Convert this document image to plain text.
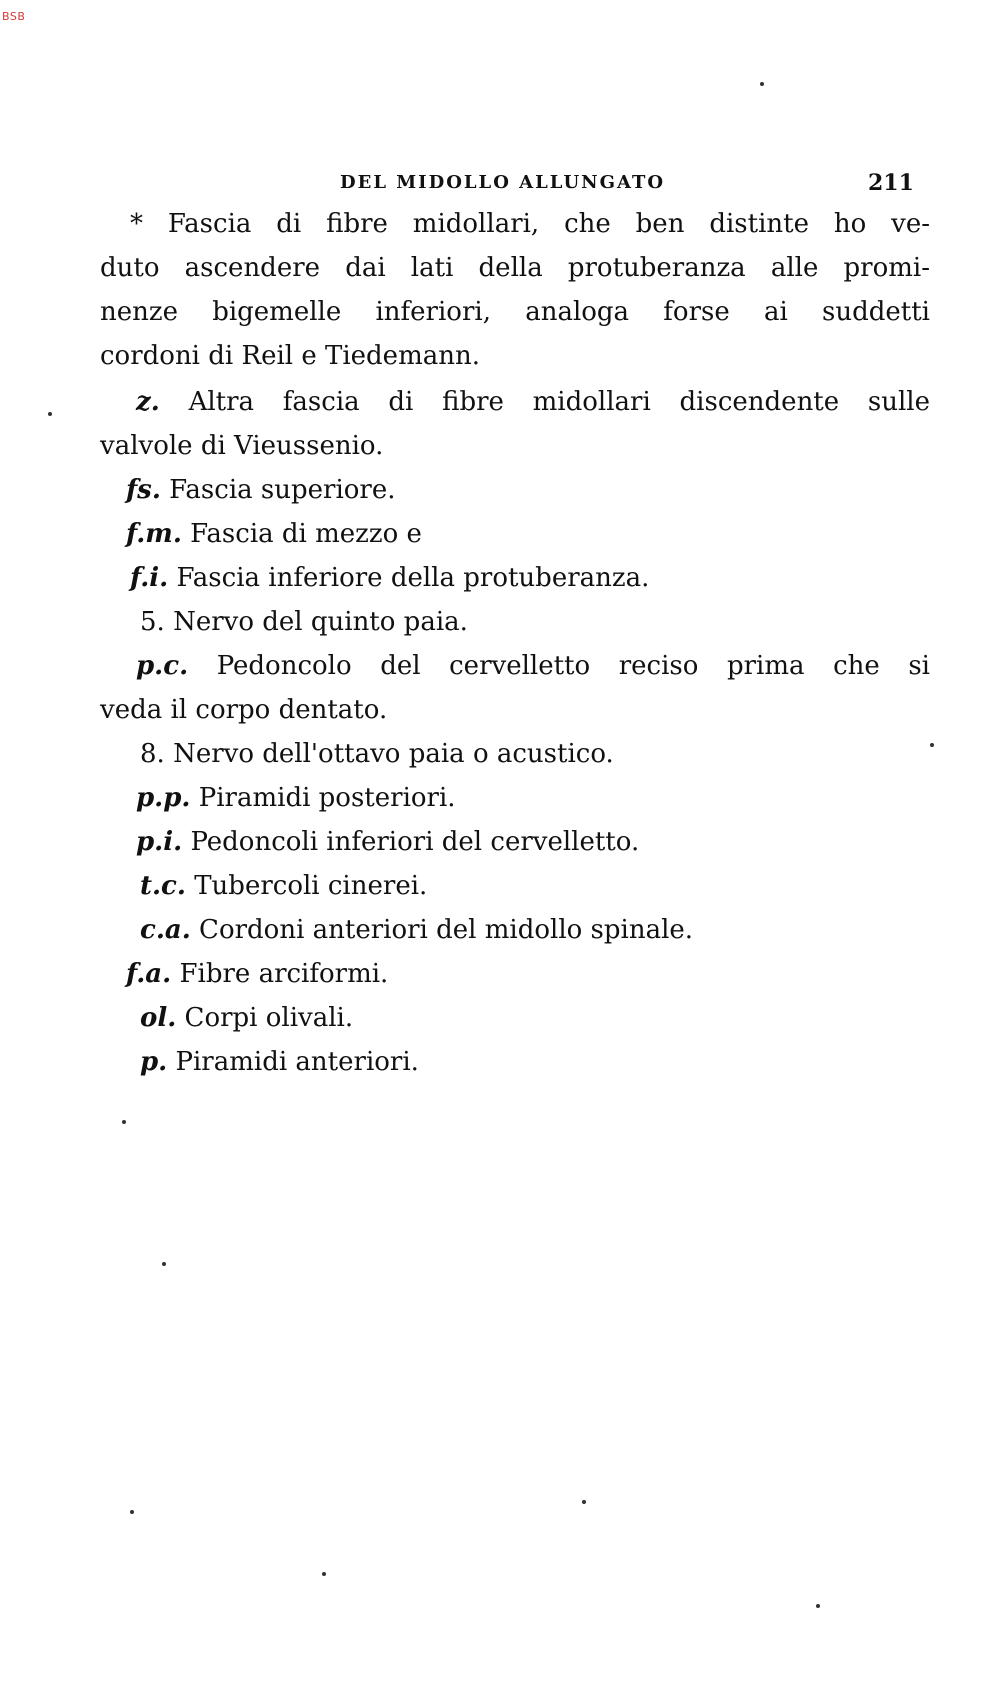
BSB
DEL MIDOLLO ALLUNGATO	211
* Fascia di fibre midollari, che ben distinte ho ve-
duto ascendere dai lati della protuberanza alle promi-
nenze bigemelle inferiori, analoga forse ai suddetti
cordoni di Reil e Tiedemann.
z. Altra fascia di fibre midollari discendente sulle
valvole di Vieussenio.
fs. Fascia superiore.
f.m. Fascia di mezzo e
f.i. Fascia inferiore della protuberanza.
5. Nervo del quinto paia.
p.c. Pedoncolo del cervelletto reciso prima che si
veda il corpo dentato.
8. Nervo dell'ottavo paia o acustico.
p.p. Piramidi posteriori.
p.i. Pedoncoli inferiori del cervelletto.
t.c. Tubercoli cinerei.
c.a. Cordoni anteriori del midollo spinale.
f.a. Fibre arciformi.
ol. Corpi olivali.
p. Piramidi anteriori.
